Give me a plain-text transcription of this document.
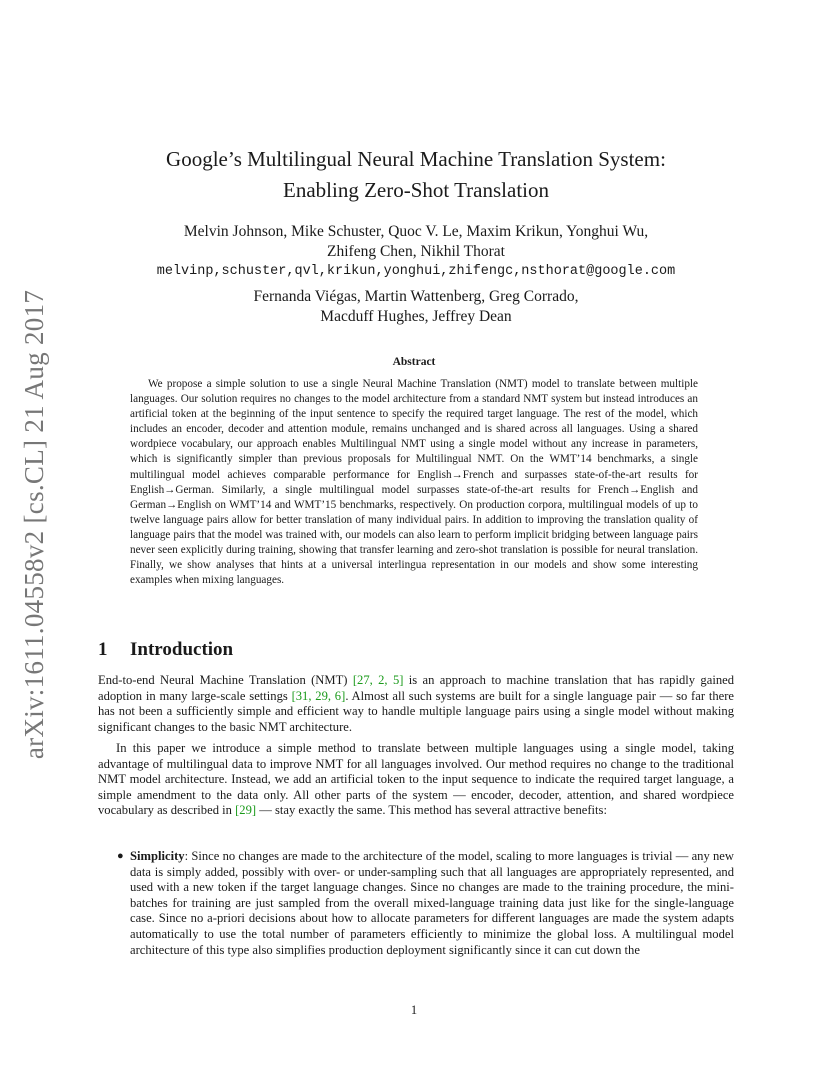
arXiv:1611.04558v2 [cs.CL] 21 Aug 2017
Google’s Multilingual Neural Machine Translation System:
Enabling Zero-Shot Translation
Melvin Johnson, Mike Schuster, Quoc V. Le, Maxim Krikun, Yonghui Wu,
Zhifeng Chen, Nikhil Thorat
melvinp,schuster,qvl,krikun,yonghui,zhifengc,nsthorat@google.com
Fernanda Viégas, Martin Wattenberg, Greg Corrado,
Macduff Hughes, Jeffrey Dean
Abstract

We propose a simple solution to use a single Neural Machine Translation (NMT) model to translate between multiple languages. Our solution requires no changes to the model architecture from a standard NMT system but instead introduces an artificial token at the beginning of the input sentence to specify the required target language. The rest of the model, which includes an encoder, decoder and attention module, remains unchanged and is shared across all languages. Using a shared wordpiece vocabulary, our approach enables Multilingual NMT using a single model without any increase in parameters, which is significantly simpler than previous proposals for Multilingual NMT. On the WMT’14 benchmarks, a single multilingual model achieves comparable performance for English→French and surpasses state-of-the-art results for English→German. Similarly, a single multilingual model surpasses state-of-the-art results for French→English and German→English on WMT’14 and WMT’15 benchmarks, respectively. On production corpora, multilingual models of up to twelve language pairs allow for better translation of many individual pairs. In addition to improving the translation quality of language pairs that the model was trained with, our models can also learn to perform implicit bridging between language pairs never seen explicitly during training, showing that transfer learning and zero-shot translation is possible for neural translation. Finally, we show analyses that hints at a universal interlingua representation in our models and show some interesting examples when mixing languages.

1 Introduction

End-to-end Neural Machine Translation (NMT) [27, 2, 5] is an approach to machine translation that has rapidly gained adoption in many large-scale settings [31, 29, 6]. Almost all such systems are built for a single language pair — so far there has not been a sufficiently simple and efficient way to handle multiple language pairs using a single model without making significant changes to the basic NMT architecture.

In this paper we introduce a simple method to translate between multiple languages using a single model, taking advantage of multilingual data to improve NMT for all languages involved. Our method requires no change to the traditional NMT model architecture. Instead, we add an artificial token to the input sequence to indicate the required target language, a simple amendment to the data only. All other parts of the system — encoder, decoder, attention, and shared wordpiece vocabulary as described in [29] — stay exactly the same. This method has several attractive benefits:

● Simplicity: Since no changes are made to the architecture of the model, scaling to more languages is trivial — any new data is simply added, possibly with over- or under-sampling such that all languages are appropriately represented, and used with a new token if the target language changes. Since no changes are made to the training procedure, the mini-batches for training are just sampled from the overall mixed-language training data just like for the single-language case. Since no a-priori decisions about how to allocate parameters for different languages are made the system adapts automatically to use the total number of parameters efficiently to minimize the global loss. A multilingual model architecture of this type also simplifies production deployment significantly since it can cut down the
1
